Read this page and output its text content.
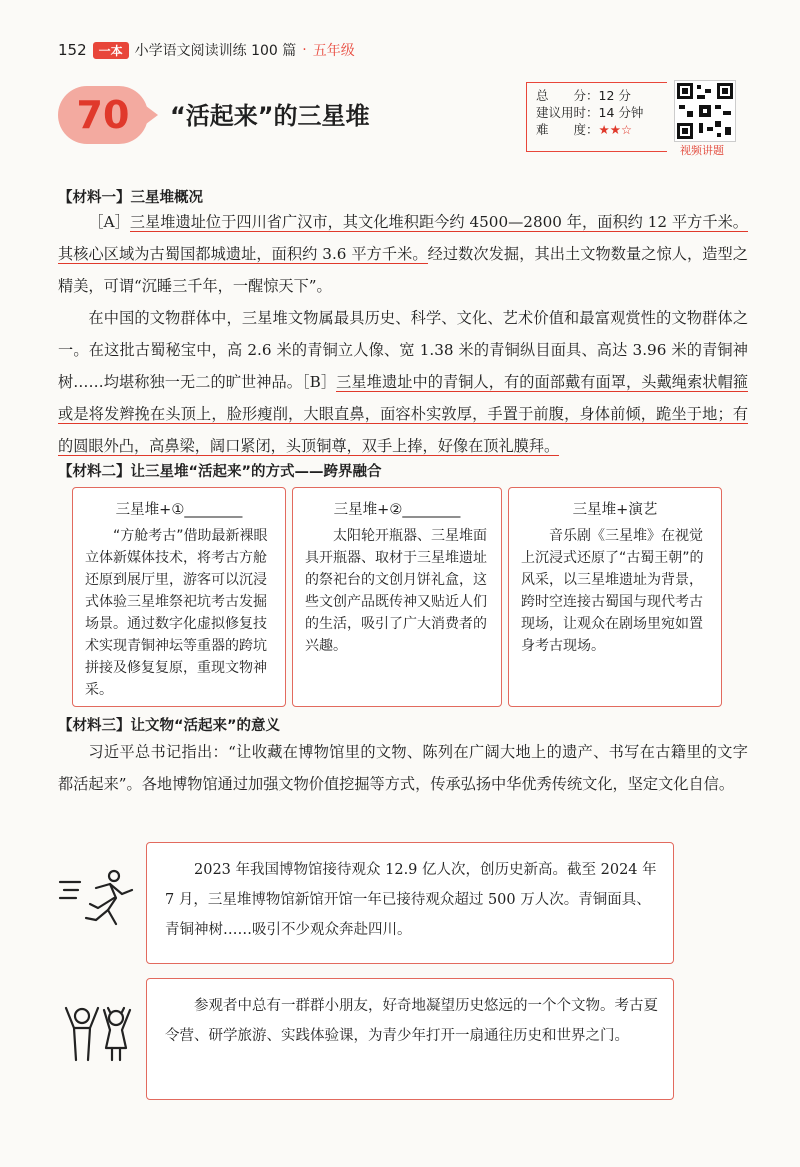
152	一本 小学语文阅读训练 100 篇 · 五年级
70 “活起来”的三星堆
总　　分：12 分
建议用时：14 分钟
难　　度：★★☆
视频讲题
【材料一】三星堆概况
［A］三星堆遗址位于四川省广汉市，其文化堆积距今约 4500—2800 年，面积约 12 平方千米。其核心区域为古蜀国都城遗址，面积约 3.6 平方千米。经过数次发掘，其出土文物数量之惊人，造型之精美，可谓“沉睡三千年，一醒惊天下”。
在中国的文物群体中，三星堆文物属最具历史、科学、文化、艺术价值和最富观赏性的文物群体之一。在这批古蜀秘宝中，高 2.6 米的青铜立人像、宽 1.38 米的青铜纵目面具、高达 3.96 米的青铜神树……均堪称独一无二的旷世神品。［B］三星堆遗址中的青铜人，有的面部戴有面罩，头戴绳索状帽箍或是将发辫挽在头顶上，脸形瘦削，大眼直鼻，面容朴实敦厚，手置于前腹，身体前倾，跪坐于地；有的圆眼外凸，高鼻梁，阔口紧闭，头顶铜尊，双手上捧，好像在顶礼膜拜。
【材料二】让三星堆“活起来”的方式——跨界融合
三星堆+①________
“方舱考古”借助最新裸眼立体新媒体技术，将考古方舱还原到展厅里，游客可以沉浸式体验三星堆祭祀坑考古发掘场景。通过数字化虚拟修复技术实现青铜神坛等重器的跨坑拼接及修复复原，重现文物神采。
三星堆+②________
太阳轮开瓶器、三星堆面具开瓶器、取材于三星堆遗址的祭祀台的文创月饼礼盒，这些文创产品既传神又贴近人们的生活，吸引了广大消费者的兴趣。
三星堆+演艺
音乐剧《三星堆》在视觉上沉浸式还原了“古蜀王朝”的风采，以三星堆遗址为背景，跨时空连接古蜀国与现代考古现场，让观众在剧场里宛如置身考古现场。
【材料三】让文物“活起来”的意义
习近平总书记指出：“让收藏在博物馆里的文物、陈列在广阔大地上的遗产、书写在古籍里的文字都活起来”。各地博物馆通过加强文物价值挖掘等方式，传承弘扬中华优秀传统文化，坚定文化自信。
2023 年我国博物馆接待观众 12.9 亿人次，创历史新高。截至 2024 年 7 月，三星堆博物馆新馆开馆一年已接待观众超过 500 万人次。青铜面具、青铜神树……吸引不少观众奔赴四川。
参观者中总有一群群小朋友，好奇地凝望历史悠远的一个个文物。考古夏令营、研学旅游、实践体验课，为青少年打开一扇通往历史和世界之门。
